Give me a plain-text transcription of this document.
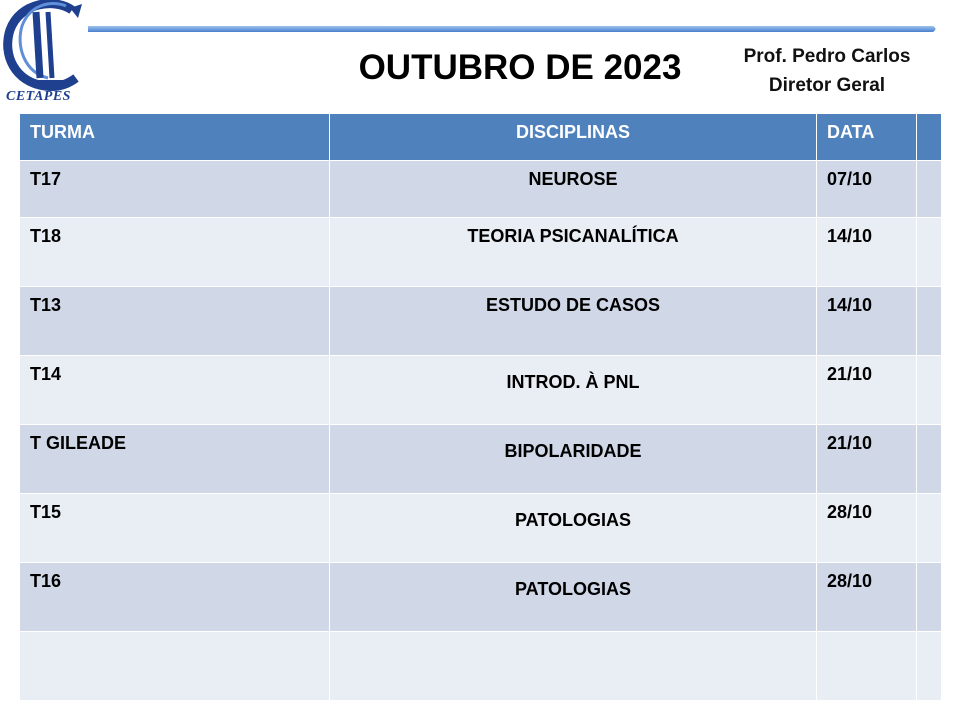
CETAPES
OUTUBRO DE 2023	Prof. Pedro Carlos
Diretor Geral
TURMA	DISCIPLINAS	DATA	
T17	NEUROSE	07/10	
T18	TEORIA PSICANALÍTICA	14/10	
T13	ESTUDO DE CASOS	14/10	
T14	INTROD. À PNL	21/10	
T GILEADE	BIPOLARIDADE	21/10	
T15	PATOLOGIAS	28/10	
T16	PATOLOGIAS	28/10	
